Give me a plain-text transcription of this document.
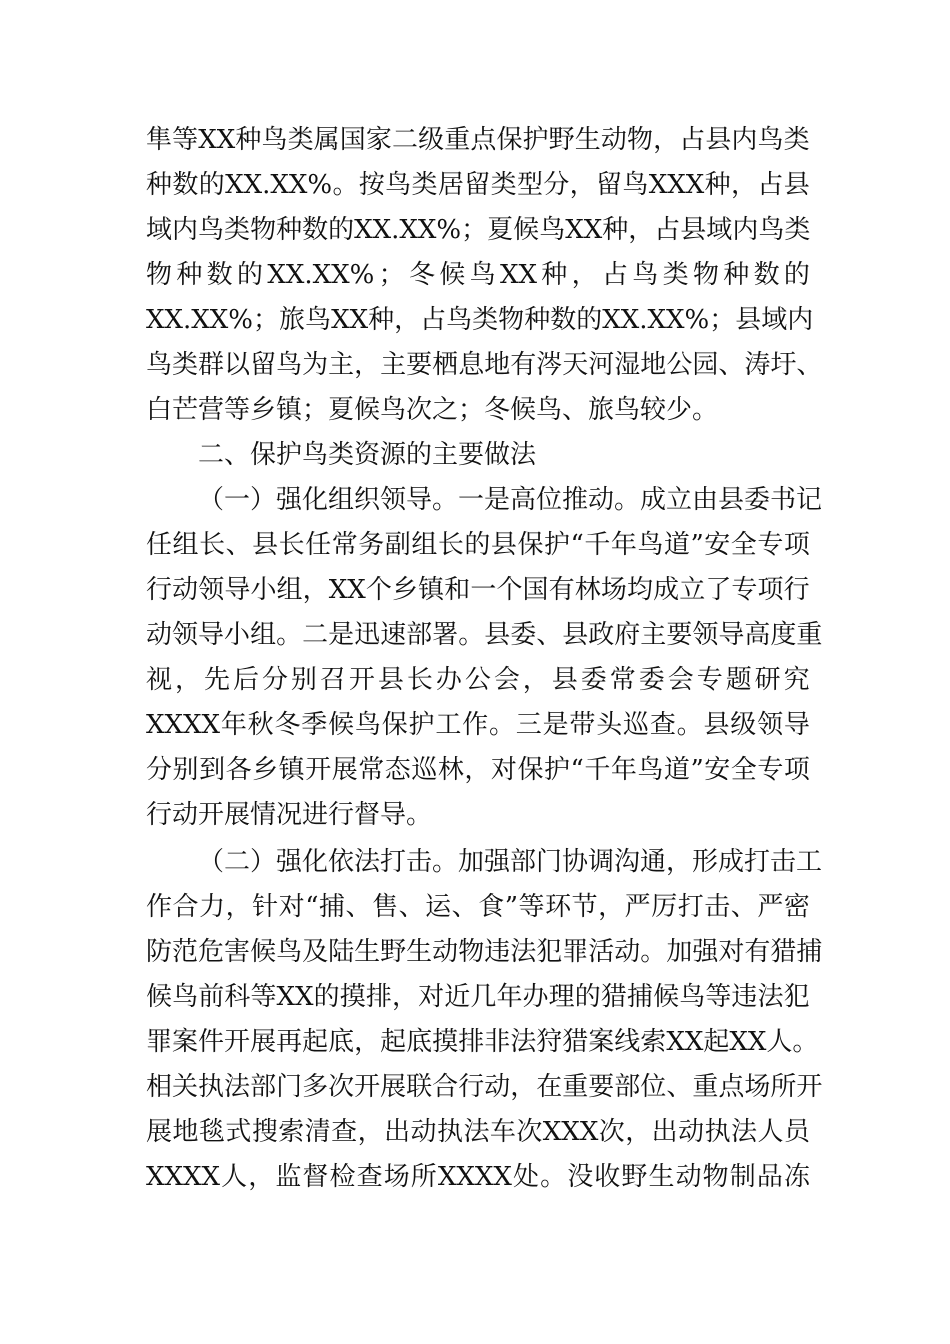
隼 等 XX 种 鸟 类 属 国 家 二 级 重 点 保 护 野 生 动 物 ， 占 县 内 鸟 类
种 数 的 XX.XX% 。 按 鸟 类 居 留 类 型 分 ， 留 鸟 XXX 种 ， 占 县
域 内 鸟 类 物 种 数 的 XX.XX% ； 夏 候 鸟 XX 种 ， 占 县 域 内 鸟 类
物 种 数 的 XX.XX% ； 冬 候 鸟 XX 种 ， 占 鸟 类 物 种 数 的
XX.XX% ； 旅 鸟 XX 种 ， 占 鸟 类 物 种 数 的 XX.XX% ； 县 域 内
鸟 类 群 以 留 鸟 为 主 ， 主 要 栖 息 地 有 涔 天 河 湿 地 公 园 、 涛 圩 、
白芒营等乡镇；夏候鸟次之；冬候鸟、旅鸟较少。
二、保护鸟类资源的主要做法
（一）强化组织领导。 一是高位推动。成立由县委书记
任 组 长 、 县 长 任 常 务 副 组 长 的 县 保 护 “ 千 年 鸟 道 ” 安 全 专 项
行 动 领 导 小 组 ， XX 个 乡 镇 和 一 个 国 有 林 场 均 成 立 了 专 项 行
动 领 导 小 组 。 二 是 迅 速 部 署 。 县 委 、 县 政 府 主 要 领 导 高 度 重
视 ， 先 后 分 别 召 开 县 长 办 公 会 ， 县 委 常 委 会 专 题 研 究
XXXX 年 秋 冬 季 候 鸟 保 护 工 作 。 三 是 带 头 巡 查 。 县 级 领 导
分 别 到 各 乡 镇 开 展 常 态 巡 林 ， 对 保 护 “ 千 年 鸟 道 ” 安 全 专 项
行动开展情况进行督导。
（二）强化依法打击。 加强部门协调沟通，形成打击工
作 合 力 ， 针 对 “ 捕 、 售 、 运 、 食 ” 等 环 节 ， 严 厉 打 击 、 严 密
防 范 危 害 候 鸟 及 陆 生 野 生 动 物 违 法 犯 罪 活 动 。 加 强 对 有 猎 捕
候 鸟 前 科 等 XX 的 摸 排 ， 对 近 几 年 办 理 的 猎 捕 候 鸟 等 违 法 犯
罪 案 件 开 展 再 起 底 ， 起 底 摸 排 非 法 狩 猎 案 线 索 XX 起 XX 人 。
相 关 执 法 部 门 多 次 开 展 联 合 行 动 ， 在 重 要 部 位 、 重 点 场 所 开
展 地 毯 式 搜 索 清 查 ， 出 动 执 法 车 次 XXX 次 ， 出 动 执 法 人 员
XXXX 人 ， 监 督 检 查 场 所 XXXX 处 。 没 收 野 生 动 物 制 品 冻
